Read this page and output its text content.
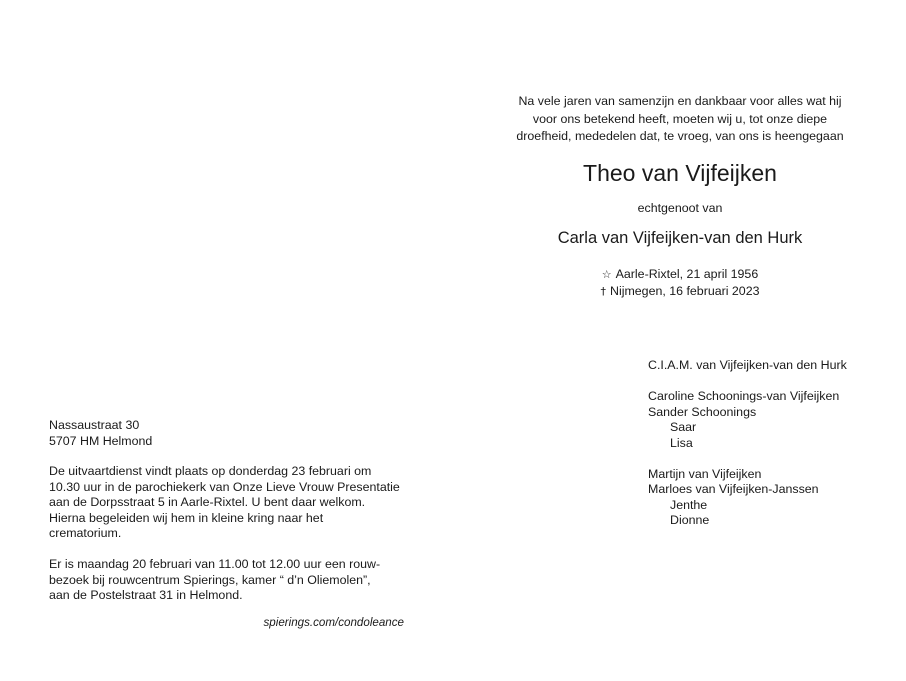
Na vele jaren van samenzijn en dankbaar voor alles wat hij
voor ons betekend heeft, moeten wij u, tot onze diepe
droefheid, mededelen dat, te vroeg, van ons is heengegaan
Theo van Vijfeijken
echtgenoot van
Carla van Vijfeijken-van den Hurk
☆ Aarle-Rixtel, 21 april 1956
† Nijmegen, 16 februari 2023
C.I.A.M. van Vijfeijken-van den Hurk
Caroline Schoonings-van Vijfeijken
Sander Schoonings
Saar
Lisa
Martijn van Vijfeijken
Marloes van Vijfeijken-Janssen
Jenthe
Dionne
Nassaustraat 30
5707 HM Helmond
De uitvaartdienst vindt plaats op donderdag 23 februari om
10.30 uur in de parochiekerk van Onze Lieve Vrouw Presentatie
aan de Dorpsstraat 5 in Aarle-Rixtel. U bent daar welkom.
Hierna begeleiden wij hem in kleine kring naar het
crematorium.
Er is maandag 20 februari van 11.00 tot 12.00 uur een rouw-
bezoek bij rouwcentrum Spierings, kamer “ d’n Oliemolen”,
aan de Postelstraat 31 in Helmond.
spierings.com/condoleance
